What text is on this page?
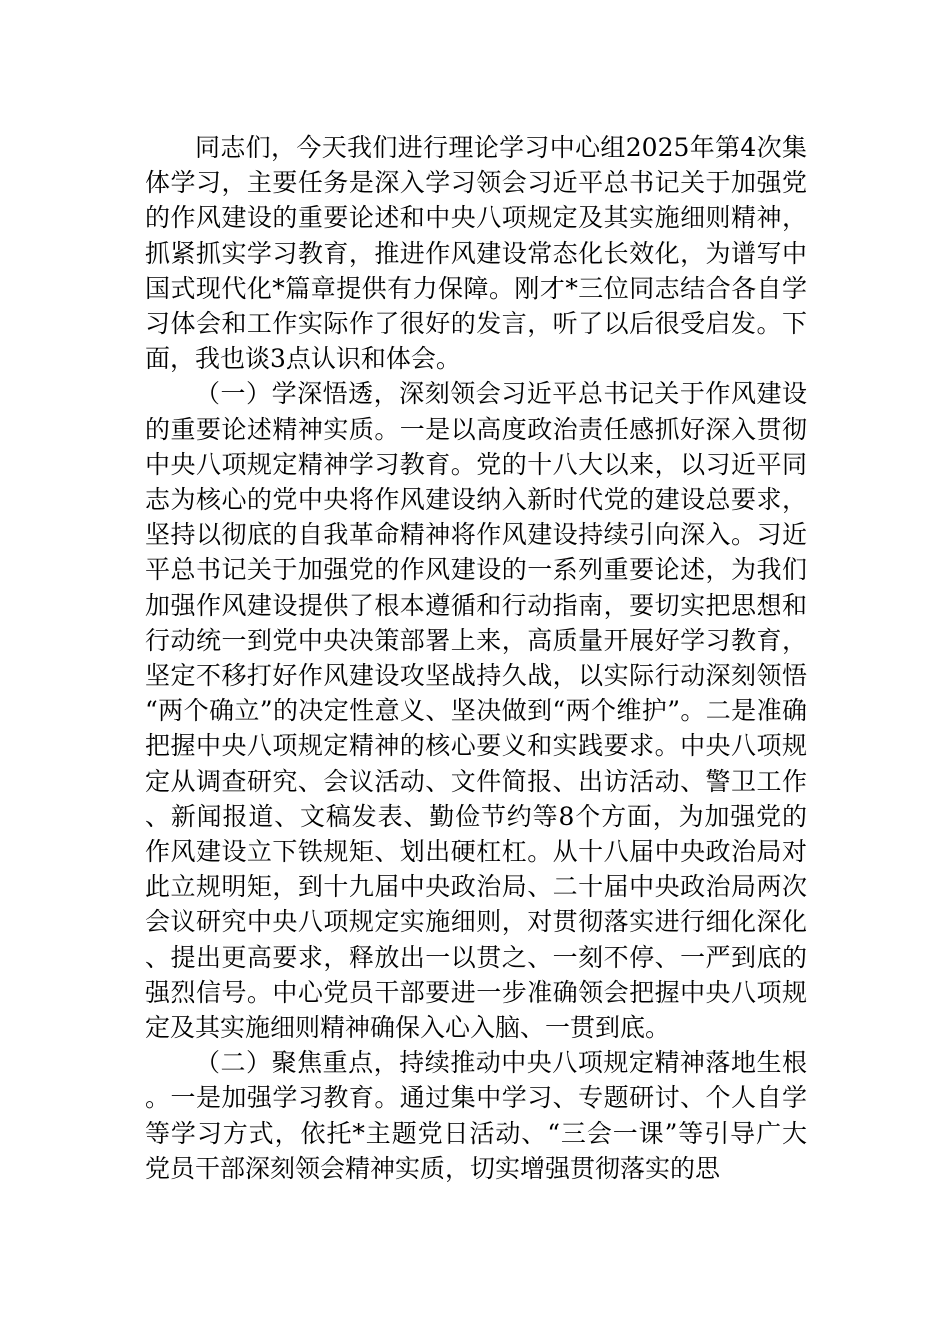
同志们，今天我们进行理论学习中心组2025年第4次集体学习，主要任务是深入学习领会习近平总书记关于加强党的作风建设的重要论述和中央八项规定及其实施细则精神，抓紧抓实学习教育，推进作风建设常态化长效化，为谱写中国式现代化*篇章提供有力保障。刚才*三位同志结合各自学习体会和工作实际作了很好的发言，听了以后很受启发。下面，我也谈3点认识和体会。

（一）学深悟透，深刻领会习近平总书记关于作风建设的重要论述精神实质。一是以高度政治责任感抓好深入贯彻中央八项规定精神学习教育。党的十八大以来，以习近平同志为核心的党中央将作风建设纳入新时代党的建设总要求，坚持以彻底的自我革命精神将作风建设持续引向深入。习近平总书记关于加强党的作风建设的一系列重要论述，为我们加强作风建设提供了根本遵循和行动指南，要切实把思想和行动统一到党中央决策部署上来，高质量开展好学习教育，坚定不移打好作风建设攻坚战持久战，以实际行动深刻领悟“两个确立”的决定性意义、坚决做到“两个维护”。二是准确把握中央八项规定精神的核心要义和实践要求。中央八项规定从调查研究、会议活动、文件简报、出访活动、警卫工作、新闻报道、文稿发表、勤俭节约等8个方面，为加强党的作风建设立下铁规矩、划出硬杠杠。从十八届中央政治局对此立规明矩，到十九届中央政治局、二十届中央政治局两次会议研究中央八项规定实施细则，对贯彻落实进行细化深化、提出更高要求，释放出一以贯之、一刻不停、一严到底的强烈信号。中心党员干部要进一步准确领会把握中央八项规定及其实施细则精神确保入心入脑、一贯到底。

（二）聚焦重点，持续推动中央八项规定精神落地生根。一是加强学习教育。通过集中学习、专题研讨、个人自学等学习方式，依托*主题党日活动、“三会一课”等引导广大党员干部深刻领会精神实质，切实增强贯彻落实的思
